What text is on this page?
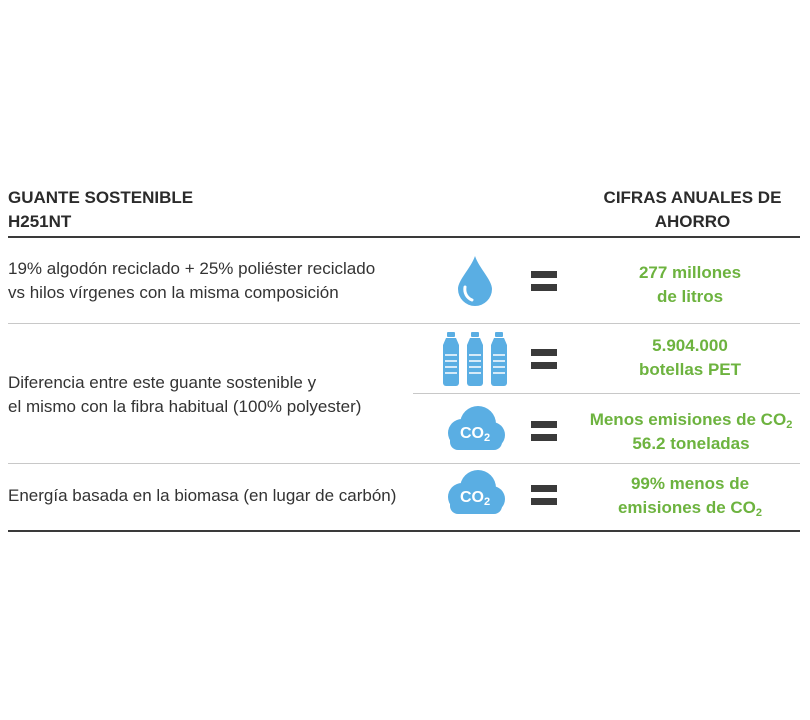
GUANTE SOSTENIBLE
H251NT
CIFRAS ANUALES DE
AHORRO
19% algodón reciclado + 25% poliéster reciclado
vs hilos vírgenes con la misma composición
277 millones
de litros
Diferencia entre este guante sostenible y
el mismo con la fibra habitual (100% polyester)
5.904.000
botellas PET
$CO_2$
Menos emisiones de $CO_2$
56.2 toneladas
Energía basada en la biomasa (en lugar de carbón)	$CO_2$
99% menos de
emisiones de $CO_2$
